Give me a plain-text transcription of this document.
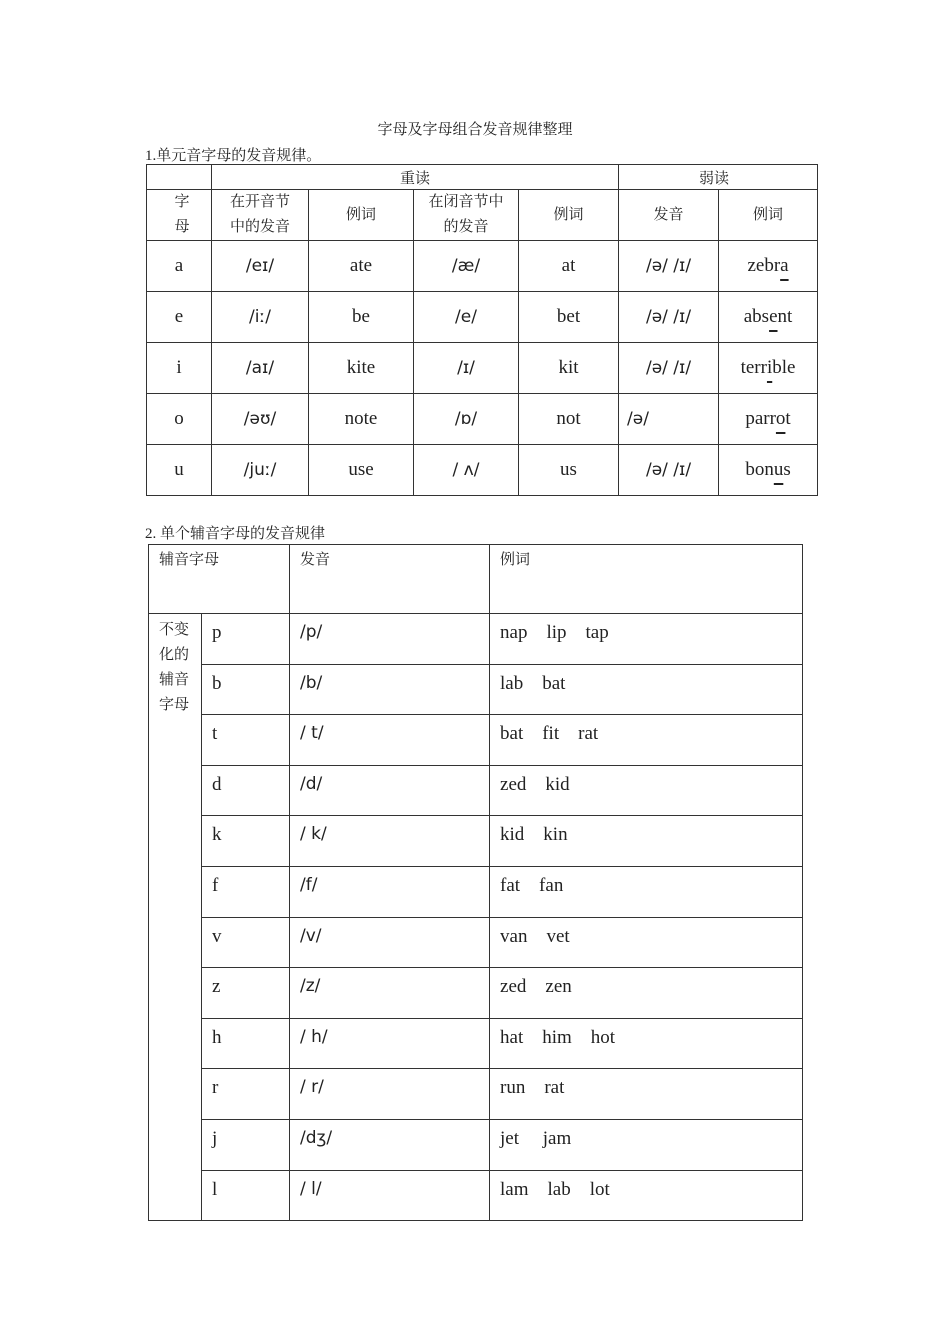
字母及字母组合发音规律整理
1.单元音字母的发音规律。
	重读				弱读	

字母	在开音节中的发音	例词	在闭音节中的发音	例词	发音	例词
a	/eɪ/	ate	/æ/	at	/ə/ /ɪ/	zebra
e	/iː/	be	/e/	bet	/ə/ /ɪ/	absent
i	/aɪ/	kite	/ɪ/	kit	/ə/ /ɪ/	terrible
o	/əʊ/	note	/ɒ/	not	/ə/	parrot
u	/juː/	use	/ ʌ/	us	/ə/ /ɪ/	bonus
2. 单个辅音字母的发音规律
辅音字母		发音	例词

不变化的辅音字母	p	/p/	nap    lip    tap
	b	/b/	lab    bat
	t	/ t/	bat    fit    rat
	d	/d/	zed    kid
	k	/ k/	kid    kin
	f	/f/	fat    fan
	v	/v/	van    vet
	z	/z/	zed    zen
	h	/ h/	hat    him    hot
	r	/ r/	run    rat
	j	/dʒ/	jet     jam
	l	/ l/	lam    lab    lot
